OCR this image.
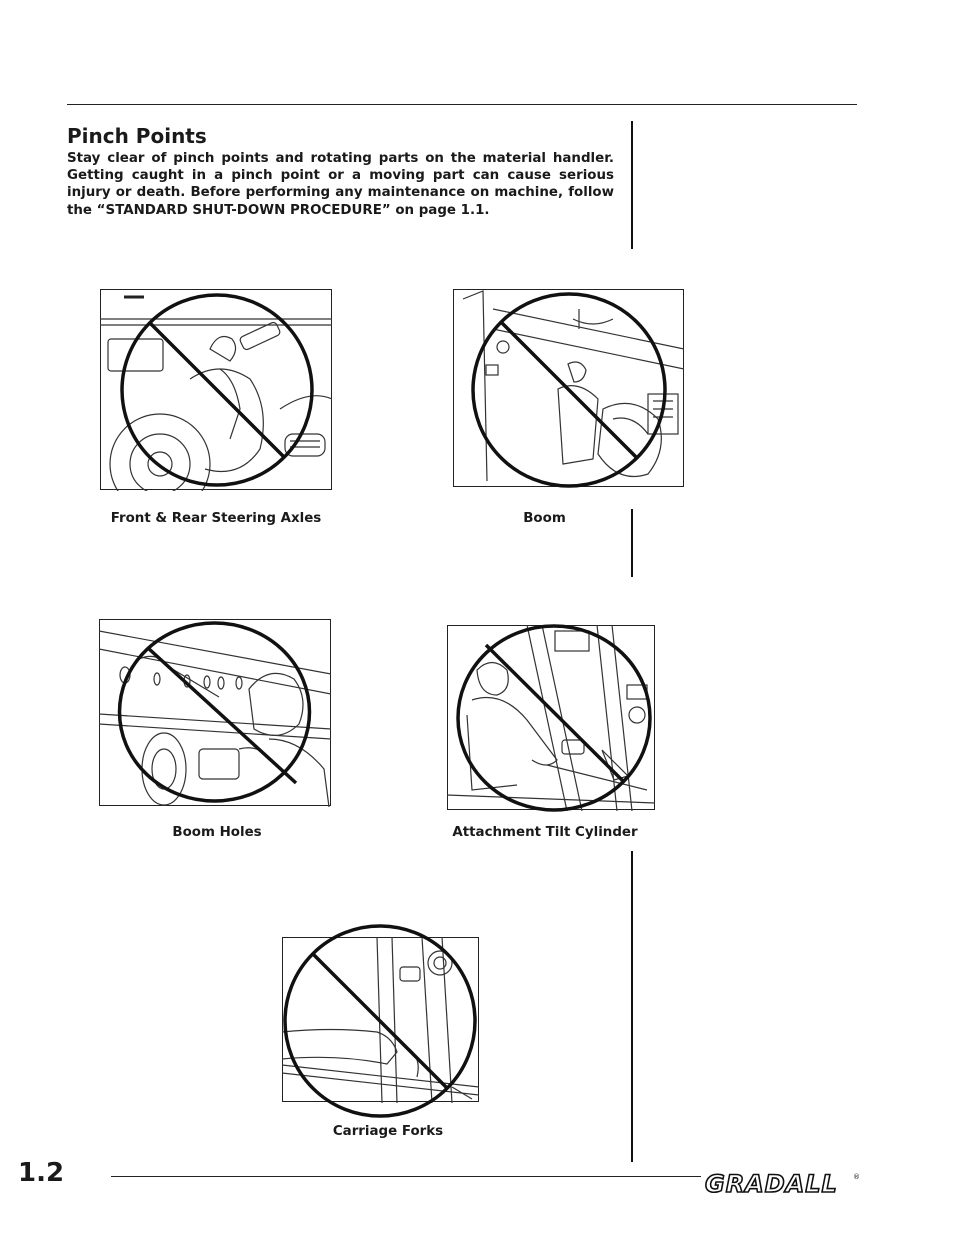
Pinch Points

Stay clear of pinch points and rotating parts on the material handler. Getting caught in a pinch point or a moving part can cause serious injury or death. Before performing any maintenance on machine, follow the “STANDARD SHUT-DOWN PROCEDURE” on page 1.1.

Front & Rear Steering Axles	Boom
Boom Holes	Attachment Tilt Cylinder
Carriage Forks
1.2	GRADALL ®
